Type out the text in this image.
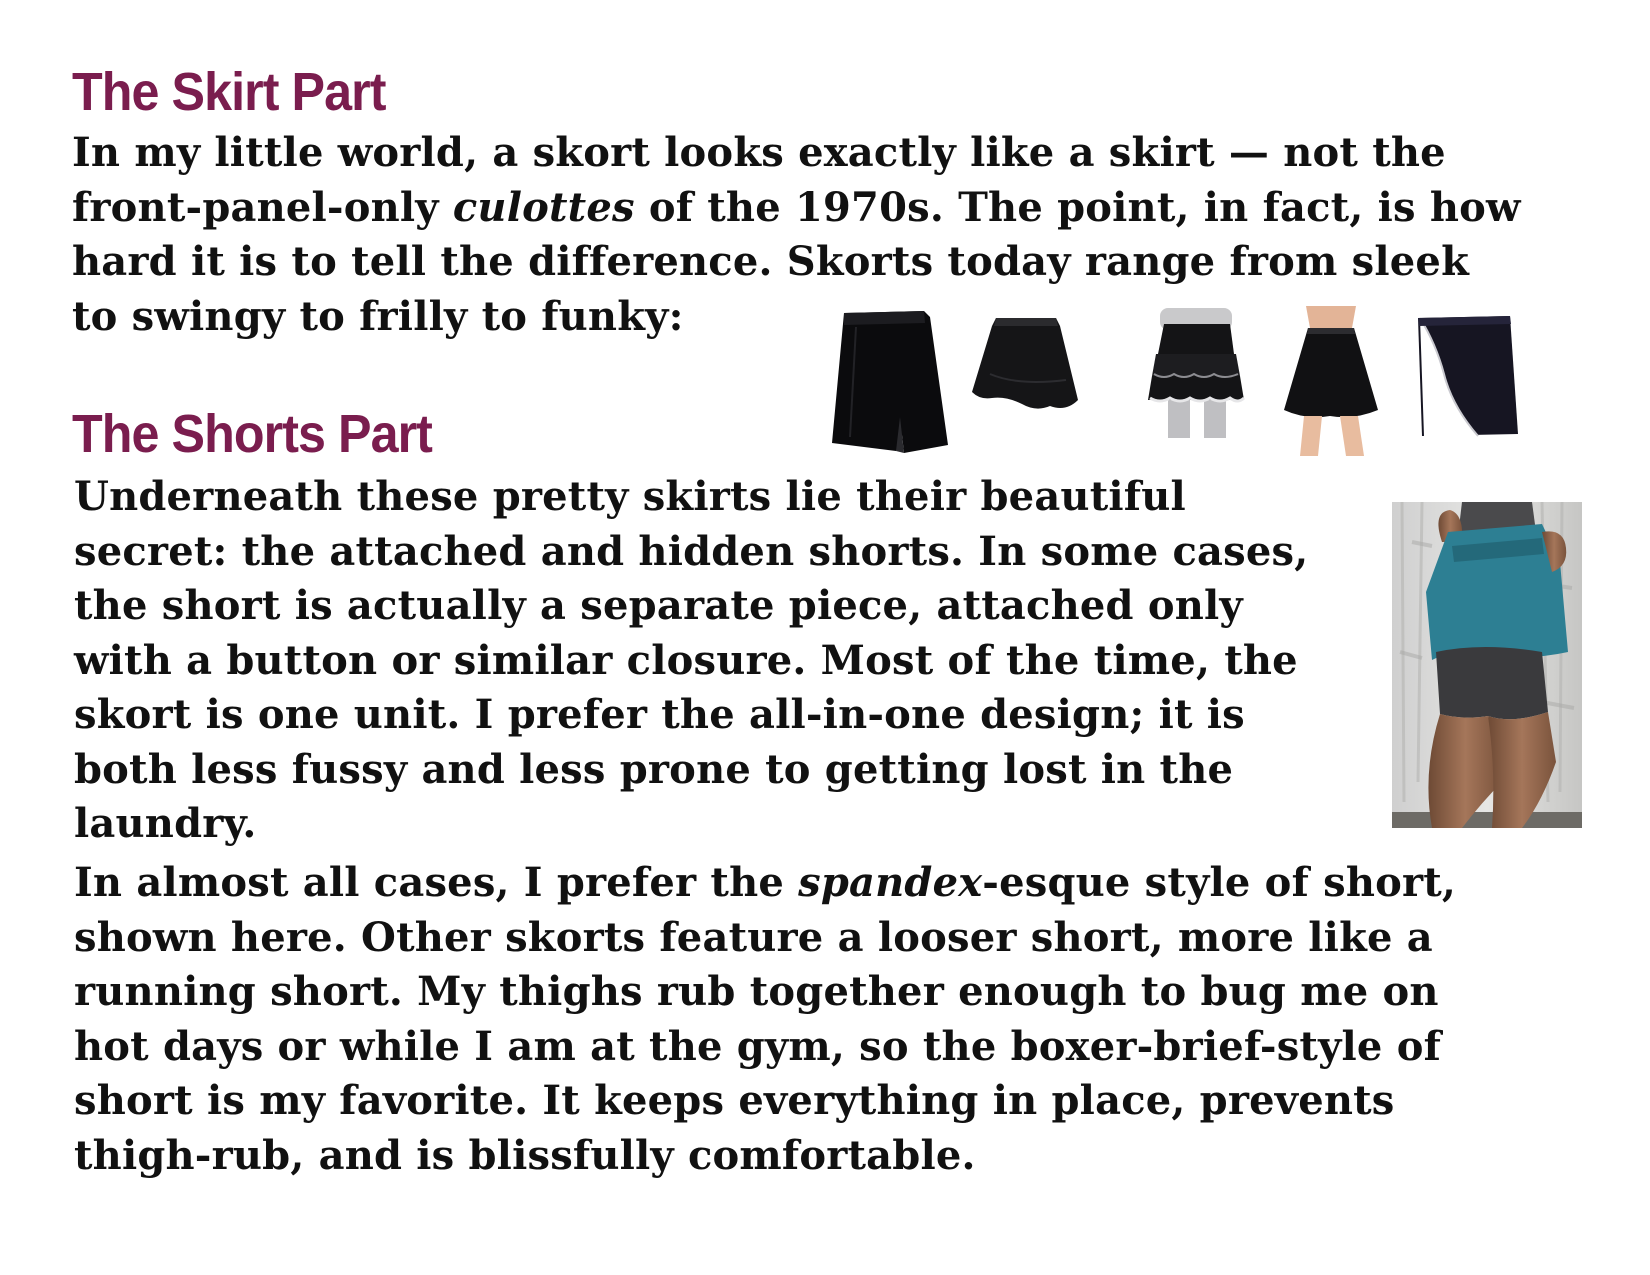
The Skirt Part

In my little world, a skort looks exactly like a skirt — not the
front-panel-only culottes of the 1970s. The point, in fact, is how
hard it is to tell the difference. Skorts today range from sleek
to swingy to frilly to funky:

The Shorts Part

Underneath these pretty skirts lie their beautiful
secret: the attached and hidden shorts. In some cases,
the short is actually a separate piece, attached only
with a button or similar closure. Most of the time, the
skort is one unit. I prefer the all-in-one design; it is
both less fussy and less prone to getting lost in the
laundry.

In almost all cases, I prefer the spandex-esque style of short,
shown here. Other skorts feature a looser short, more like a
running short. My thighs rub together enough to bug me on
hot days or while I am at the gym, so the boxer-brief-style of
short is my favorite. It keeps everything in place, prevents
thigh-rub, and is blissfully comfortable.
